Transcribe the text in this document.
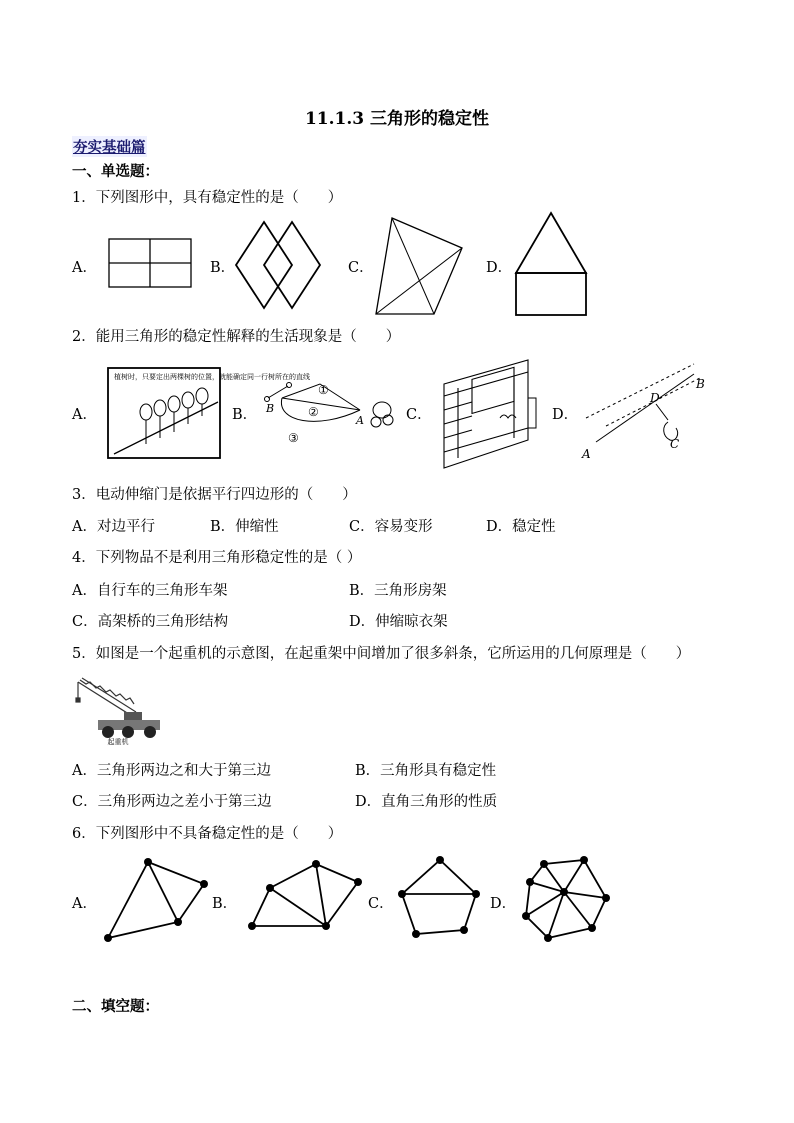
11.1.3 三角形的稳定性
夯实基础篇
一、单选题：
1．下列图形中，具有稳定性的是（　　）
A．	B．	C．	D．
2．能用三角形的稳定性解释的生活现象是（　　）
A．
植树时，只要定出两棵树的位置，就能确定同一行树所在的直线
B． B
A
①
②
③
C．	D．
A
B
D
C
3．电动伸缩门是依据平行四边形的（　　）
A．对边平行	B．伸缩性	C．容易变形	D．稳定性
4．下列物品不是利用三角形稳定性的是（ ）
A．自行车的三角形车架	B．三角形房架
C．高架桥的三角形结构	D．伸缩晾衣架
5．如图是一个起重机的示意图，在起重架中间增加了很多斜条，它所运用的几何原理是（　　）
起重机
A．三角形两边之和大于第三边	B．三角形具有稳定性
C．三角形两边之差小于第三边	D．直角三角形的性质
6．下列图形中不具备稳定性的是（　　）
A．	B．	C．	D．
二、填空题：
